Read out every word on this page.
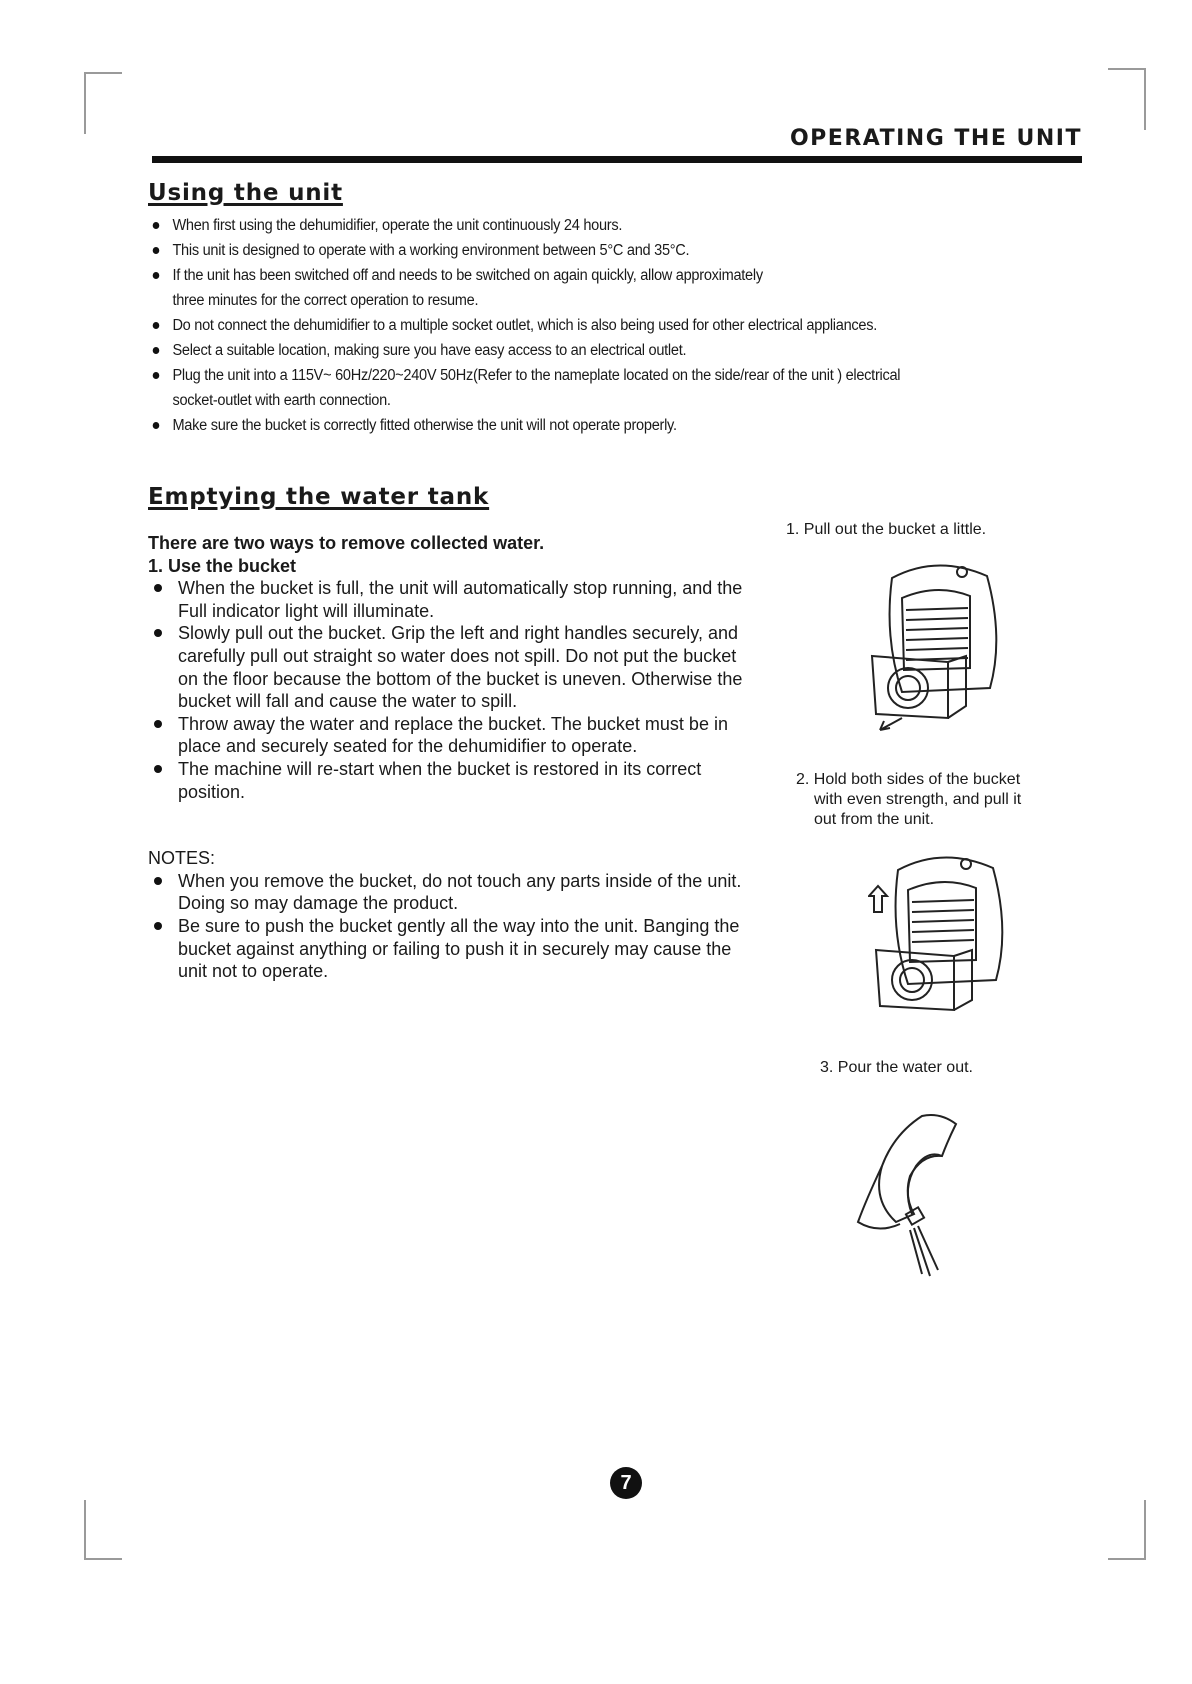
OPERATING THE UNIT
Using the unit
When first using the dehumidifier, operate the unit continuously 24 hours.
This unit is designed to operate with a working environment between 5°C and 35°C.
If the unit has been switched off and needs to be switched on again quickly, allow approximately
three minutes for the correct operation to resume.
Do not connect the dehumidifier to a multiple socket outlet, which is also being used for other electrical appliances.
Select a suitable location, making sure you have easy access to an electrical outlet.
Plug the unit into a 115V~ 60Hz/220~240V 50Hz(Refer to the nameplate located on the side/rear of the unit ) electrical
socket-outlet with earth connection.
Make sure the bucket is correctly fitted otherwise the unit will not operate properly.
Emptying the water tank
There are two ways to remove collected water.
1. Use the bucket
When the bucket is full, the unit will automatically stop running, and the Full indicator light will illuminate.
Slowly pull out the bucket. Grip the left and right handles securely, and carefully pull out straight so water does not spill. Do not put the bucket on the floor because the bottom of the bucket is uneven. Otherwise the bucket will fall and cause the water to spill.
Throw away the water and replace the bucket. The bucket must be in place and securely seated for the dehumidifier to operate.
The machine will re-start when the bucket is restored in its correct position.
NOTES:
When you remove the bucket, do not touch any parts inside of the unit. Doing so may damage the product.
Be sure to push the bucket gently all the way into the unit. Banging the bucket against anything or failing to push it in securely may cause the unit not to operate.
1. Pull out the bucket a little.
2. Hold both sides of the bucket
with even strength, and pull it
out from the unit.
3. Pour the water out.
7
